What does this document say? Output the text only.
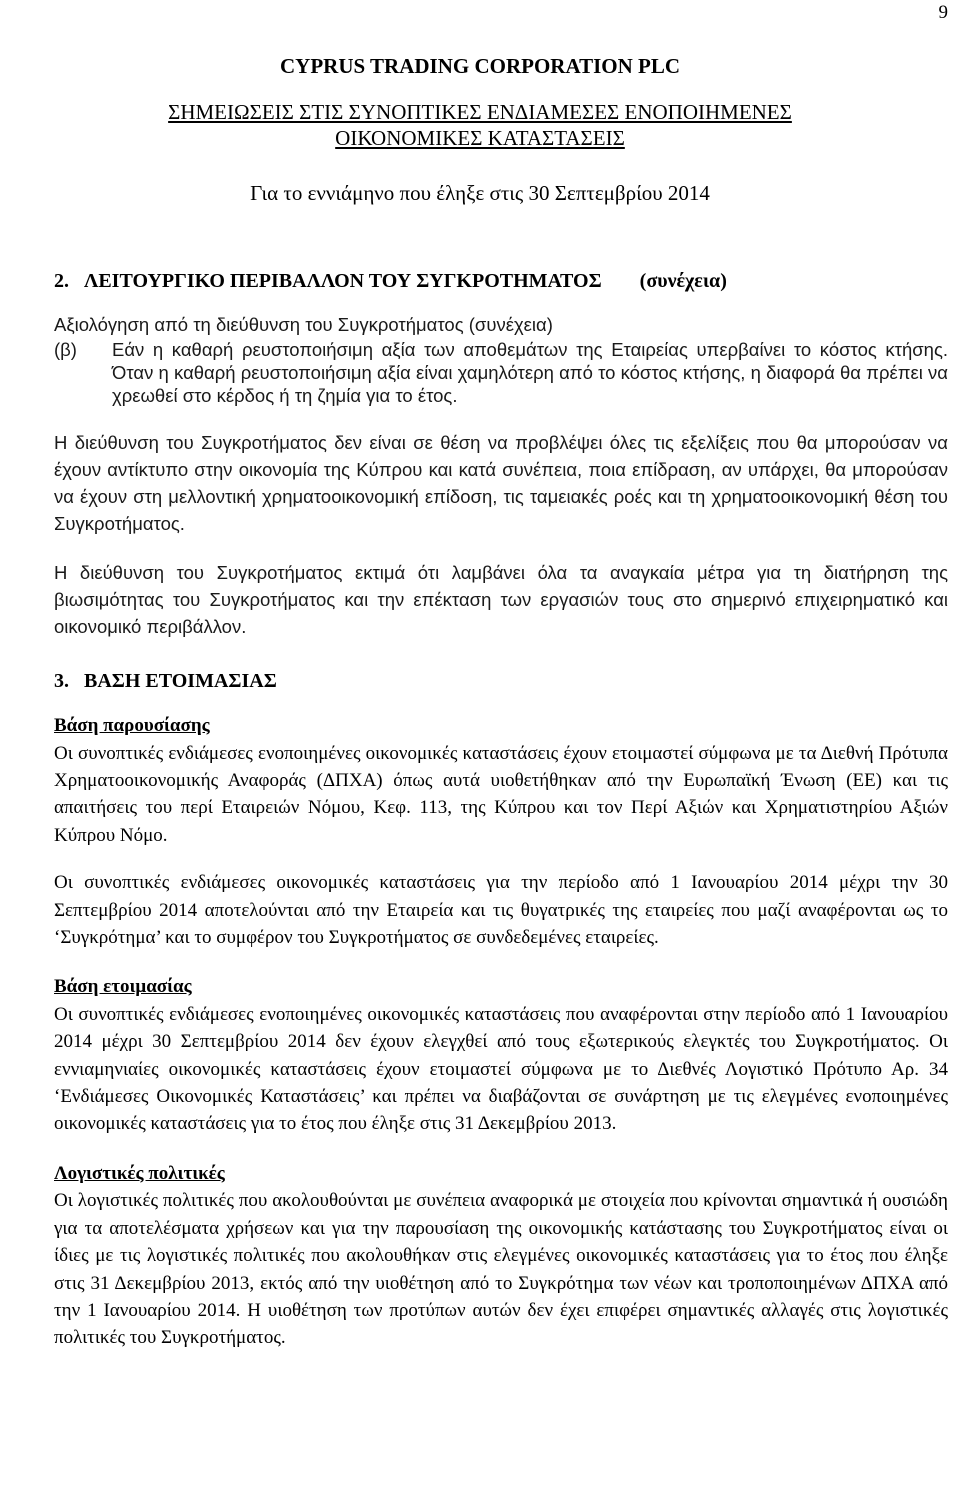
9
CYPRUS TRADING CORPORATION PLC
ΣΗΜΕΙΩΣΕΙΣ ΣΤΙΣ ΣΥΝΟΠΤΙΚΕΣ ΕΝΔΙΑΜΕΣΕΣ ΕΝΟΠΟΙΗΜΕΝΕΣ
ΟΙΚΟΝΟΜΙΚΕΣ ΚΑΤΑΣΤΑΣΕΙΣ
Για το εννιάμηνο που έληξε στις 30 Σεπτεμβρίου 2014
2. ΛΕΙΤΟΥΡΓΙΚΟ ΠΕΡΙΒΑΛΛΟΝ ΤΟΥ ΣΥΓΚΡΟΤΗΜΑΤΟΣ (συνέχεια)
Αξιολόγηση από τη διεύθυνση του Συγκροτήματος (συνέχεια)
(β)	Εάν η καθαρή ρευστοποιήσιμη αξία των αποθεμάτων της Εταιρείας υπερβαίνει το κόστος κτήσης. Όταν η καθαρή ρευστοποιήσιμη αξία είναι χαμηλότερη από το κόστος κτήσης, η διαφορά θα πρέπει να χρεωθεί στο κέρδος ή τη ζημία για το έτος.
Η διεύθυνση του Συγκροτήματος δεν είναι σε θέση να προβλέψει όλες τις εξελίξεις που θα μπορούσαν να έχουν αντίκτυπο στην οικονομία της Κύπρου και κατά συνέπεια, ποια επίδραση, αν υπάρχει, θα μπορούσαν να έχουν στη μελλοντική χρηματοοικονομική επίδοση, τις ταμειακές ροές και τη χρηματοοικονομική θέση του Συγκροτήματος.
Η διεύθυνση του Συγκροτήματος εκτιμά ότι λαμβάνει όλα τα αναγκαία μέτρα για τη διατήρηση της βιωσιμότητας του Συγκροτήματος και την επέκταση των εργασιών τους στο σημερινό επιχειρηματικό και οικονομικό περιβάλλον.
3. ΒΑΣΗ ΕΤΟΙΜΑΣΙΑΣ
Βάση παρουσίασης
Οι συνοπτικές ενδιάμεσες ενοποιημένες οικονομικές καταστάσεις έχουν ετοιμαστεί σύμφωνα με τα Διεθνή Πρότυπα Χρηματοοικονομικής Αναφοράς (ΔΠΧΑ) όπως αυτά υιοθετήθηκαν από την Ευρωπαϊκή Ένωση (ΕΕ) και τις απαιτήσεις του περί Εταιρειών Νόμου, Κεφ. 113, της Κύπρου και τον Περί Αξιών και Χρηματιστηρίου Αξιών Κύπρου Νόμο.
Οι συνοπτικές ενδιάμεσες οικονομικές καταστάσεις για την περίοδο από 1 Ιανουαρίου 2014 μέχρι την 30 Σεπτεμβρίου 2014 αποτελούνται από την Εταιρεία και τις θυγατρικές της εταιρείες που μαζί αναφέρονται ως το ‘Συγκρότημα’ και το συμφέρον του Συγκροτήματος σε συνδεδεμένες εταιρείες.
Βάση ετοιμασίας
Οι συνοπτικές ενδιάμεσες ενοποιημένες οικονομικές καταστάσεις που αναφέρονται στην περίοδο από 1 Ιανουαρίου 2014 μέχρι 30 Σεπτεμβρίου 2014 δεν έχουν ελεγχθεί από τους εξωτερικούς ελεγκτές του Συγκροτήματος. Οι εννιαμηνιαίες οικονομικές καταστάσεις έχουν ετοιμαστεί σύμφωνα με το Διεθνές Λογιστικό Πρότυπο Αρ. 34 ‘Ενδιάμεσες Οικονομικές Καταστάσεις’ και πρέπει να διαβάζονται σε συνάρτηση με τις ελεγμένες ενοποιημένες οικονομικές καταστάσεις για το έτος που έληξε στις 31 Δεκεμβρίου 2013.
Λογιστικές πολιτικές
Οι λογιστικές πολιτικές που ακολουθούνται με συνέπεια αναφορικά με στοιχεία που κρίνονται σημαντικά ή ουσιώδη για τα αποτελέσματα χρήσεων και για την παρουσίαση της οικονομικής κατάστασης του Συγκροτήματος είναι οι ίδιες με τις λογιστικές πολιτικές που ακολουθήκαν στις ελεγμένες οικονομικές καταστάσεις για το έτος που έληξε στις 31 Δεκεμβρίου 2013, εκτός από την υιοθέτηση από το Συγκρότημα των νέων και τροποποιημένων ΔΠΧΑ από την 1 Ιανουαρίου 2014. Η υιοθέτηση των προτύπων αυτών δεν έχει επιφέρει σημαντικές αλλαγές στις λογιστικές πολιτικές του Συγκροτήματος.
